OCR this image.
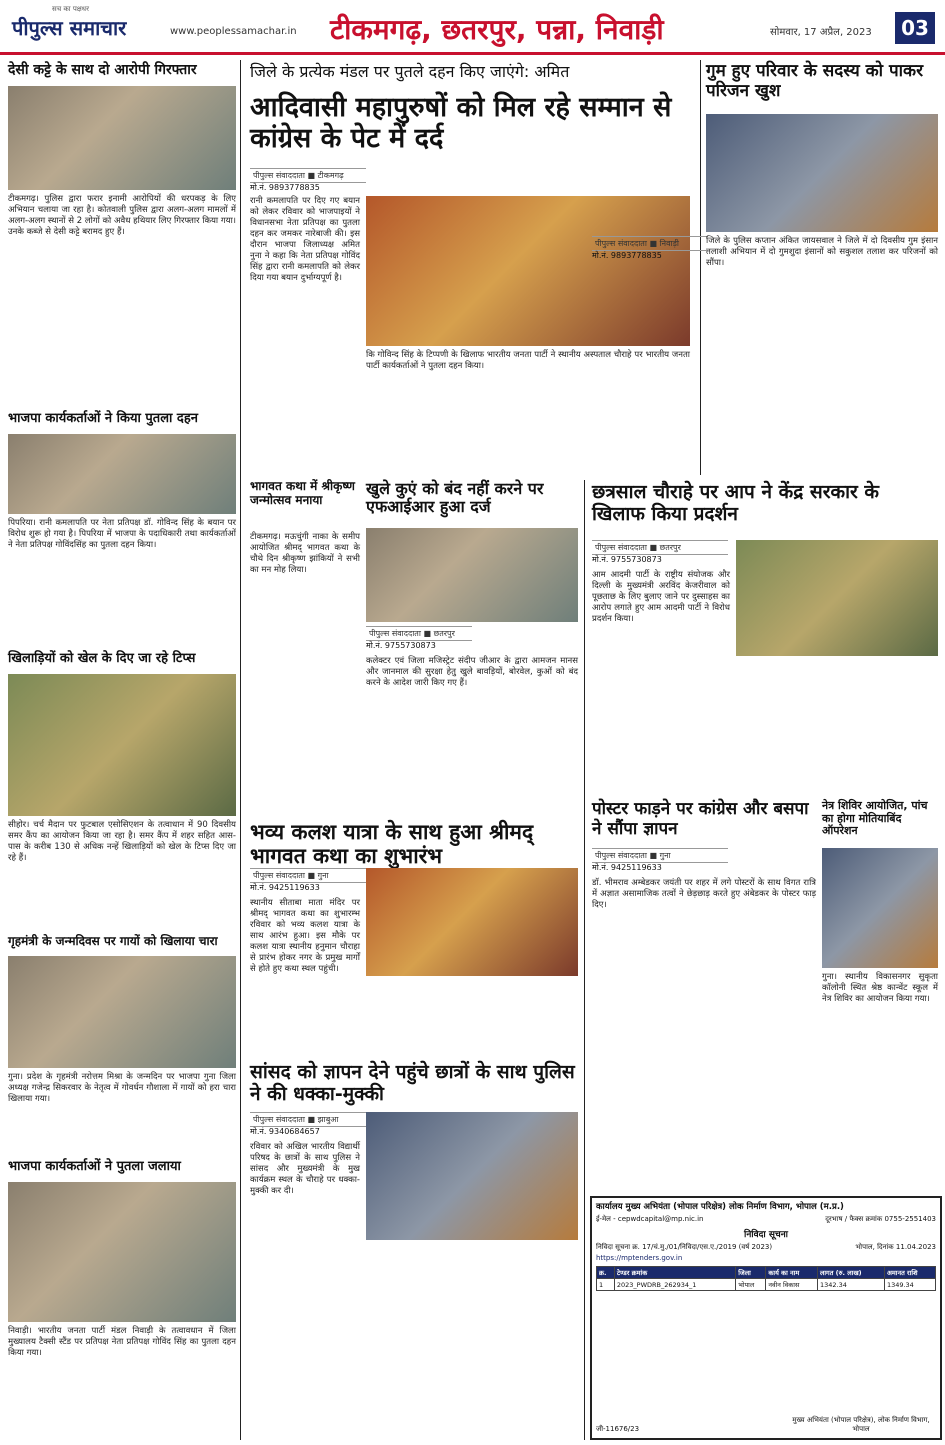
सच का पक्षधर
पीपुल्स समाचार	www.peoplessamachar.in टीकमगढ़, छतरपुर, पन्ना, निवाड़ी	सोमवार, 17 अप्रैल, 2023	03
देसी कट्टे के साथ दो आरोपी गिरफ्तार
टीकमगढ़। पुलिस द्वारा फरार इनामी आरोपियों की धरपकड़ के लिए अभियान चलाया जा रहा है। कोतवाली पुलिस द्वारा अलग-अलग मामलों में अलग-अलग स्थानों से 2 लोगों को अवैध हथियार लिए गिरफ्तार किया गया। उनके कब्जे से देसी कट्टे बरामद हुए हैं।
भाजपा कार्यकर्ताओं ने किया पुतला दहन
पिपरिया। रानी कमलापति पर नेता प्रतिपक्ष डॉ. गोविन्द सिंह के बयान पर विरोध शुरू हो गया है। पिपरिया में भाजपा के पदाधिकारी तथा कार्यकर्ताओं ने नेता प्रतिपक्ष गोविंदसिंह का पुतला दहन किया।
खिलाड़ियों को खेल के दिए जा रहे टिप्स
सीहोर। चर्च मैदान पर फुटबाल एसोसिएशन के तत्वाधान में 90 दिवसीय समर कैंप का आयोजन किया जा रहा है। समर कैंप में शहर सहित आस-पास के करीब 130 से अधिक नन्हें खिलाड़ियों को खेल के टिप्स दिए जा रहे हैं।
गृहमंत्री के जन्मदिवस पर गायों को खिलाया चारा
गुना। प्रदेश के गृहमंत्री नरोत्तम मिश्रा के जन्मदिन पर भाजपा गुना जिला अध्यक्ष गजेन्द्र सिकरवार के नेतृत्व में गोवर्धन गौशाला में गायों को हरा चारा खिलाया गया।
भाजपा कार्यकर्ताओं ने पुतला जलाया
निवाड़ी। भारतीय जनता पार्टी मंडल निवाड़ी के तत्वावधान में जिला मुख्यालय टैक्सी स्टैंड पर प्रतिपक्ष नेता प्रतिपक्ष गोविंद सिंह का पुतला दहन किया गया।
जिले के प्रत्येक मंडल पर पुतले दहन किए जाएंगे: अमित
आदिवासी महापुरुषों को मिल रहे सम्मान से कांग्रेस के पेट में दर्द
पीपुल्स संवाददाता ■ टीकमगढ़
मो.नं. 9893778835
रानी कमलापति पर दिए गए बयान को लेकर रविवार को भाजपाइयों ने विधानसभा नेता प्रतिपक्ष का पुतला दहन कर जमकर नारेबाजी की। इस दौरान भाजपा जिलाध्यक्ष अमित नुना ने कहा कि नेता प्रतिपक्ष गोविंद सिंह द्वारा रानी कमलापति को लेकर दिया गया बयान दुर्भाग्यपूर्ण है।
कि गोविन्द सिंह के टिप्पणी के खिलाफ भारतीय जनता पार्टी ने स्थानीय अस्पताल चौराहे पर भारतीय जनता पार्टी कार्यकर्ताओं ने पुतला दहन किया।
भागवत कथा में श्रीकृष्ण जन्मोत्सव मनाया
टीकमगढ़। मऊचुंगी नाका के समीप आयोजित श्रीमद् भागवत कथा के चौथे दिन श्रीकृष्ण झांकियों ने सभी का मन मोह लिया।
खुले कुएं को बंद नहीं करने पर एफआईआर हुआ दर्ज
पीपुल्स संवाददाता ■ छतरपुर
मो.नं. 9755730873
कलेक्टर एवं जिला मजिस्ट्रेट संदीप जीआर के द्वारा आमजन मानस और जानमाल की सुरक्षा हेतु खुले बावड़ियों, बोरवेल, कुओं को बंद करने के आदेश जारी किए गए हैं।
भव्य कलश यात्रा के साथ हुआ श्रीमद् भागवत कथा का शुभारंभ
पीपुल्स संवाददाता ■ गुना
मो.नं. 9425119633
स्थानीय सीताबा माता मंदिर पर श्रीमद् भागवत कथा का शुभारम्भ रविवार को भव्य कलश यात्रा के साथ आरंभ हुआ। इस मौके पर कलश यात्रा स्थानीय हनुमान चौराहा से प्रारंभ होकर नगर के प्रमुख मार्गों से होते हुए कथा स्थल पहुंची।
सांसद को ज्ञापन देने पहुंचे छात्रों के साथ पुलिस ने की धक्का-मुक्की
पीपुल्स संवाददाता ■ झाबुआ
मो.नं. 9340684657
रविवार को अखिल भारतीय विद्यार्थी परिषद के छात्रों के साथ पुलिस ने सांसद और मुख्यमंत्री के मुख कार्यक्रम स्थल के चौराहे पर धक्का-मुक्की कर दी।
गुम हुए परिवार के सदस्य को पाकर परिजन खुश
पीपुल्स संवाददाता ■ निवाड़ी
मो.नं. 9893778835
जिले के पुलिस कप्तान अंकित जायसवाल ने जिले में दो दिवसीय गुम इंसान तलाशी अभियान में दो गुमशुदा इंसानों को सकुशल तलाश कर परिजनों को सौंपा।
छत्रसाल चौराहे पर आप ने केंद्र सरकार के खिलाफ किया प्रदर्शन
पीपुल्स संवाददाता ■ छतरपुर
मो.नं. 9755730873
आम आदमी पार्टी के राष्ट्रीय संयोजक और दिल्ली के मुख्यमंत्री अरविंद केजरीवाल को पूछताछ के लिए बुलाए जाने पर दुस्साहस का आरोप लगाते हुए आम आदमी पार्टी ने विरोध प्रदर्शन किया।
पोस्टर फाड़ने पर कांग्रेस और बसपा ने सौंपा ज्ञापन
पीपुल्स संवाददाता ■ गुना
मो.नं. 9425119633
डॉ. भीमराव अम्बेडकर जयंती पर शहर में लगे पोस्टरों के साथ विगत रात्रि में अज्ञात असामाजिक तत्वों ने छेड़छाड़ करते हुए अंबेडकर के पोस्टर फाड़ दिए।
नेत्र शिविर आयोजित, पांच का होगा मोतियाबिंद ऑपरेशन
गुना। स्थानीय विकासनगर सुकृता कॉलोनी स्थित श्रेष्ठ कान्वेंट स्कूल में नेत्र शिविर का आयोजन किया गया।
कार्यालय मुख्य अभियंता (भोपाल परिक्षेत्र) लोक निर्माण विभाग, भोपाल (म.प्र.)
ई-मेल - cepwdcapital@mp.nic.in	दूरभाष / फैक्स क्रमांक 0755-2551403
निविदा सूचना
निविदा सूचना क्र. 17/चं.मु./01/निविदा/एस.ए./2019 (वर्ष 2023)	भोपाल, दिनांक 11.04.2023
https://mptenders.gov.in
क्र.	टेण्डर क्रमांक	जिला	कार्य का नाम	लागत (रु. लाख)	अमानत राशि
1	2023_PWDRB_262934_1	भोपाल	नवीन विकास	1342.34	1349.34
मुख्य अभियंता (भोपाल परिक्षेत्र), लोक निर्माण विभाग, भोपाल
जी-11676/23
